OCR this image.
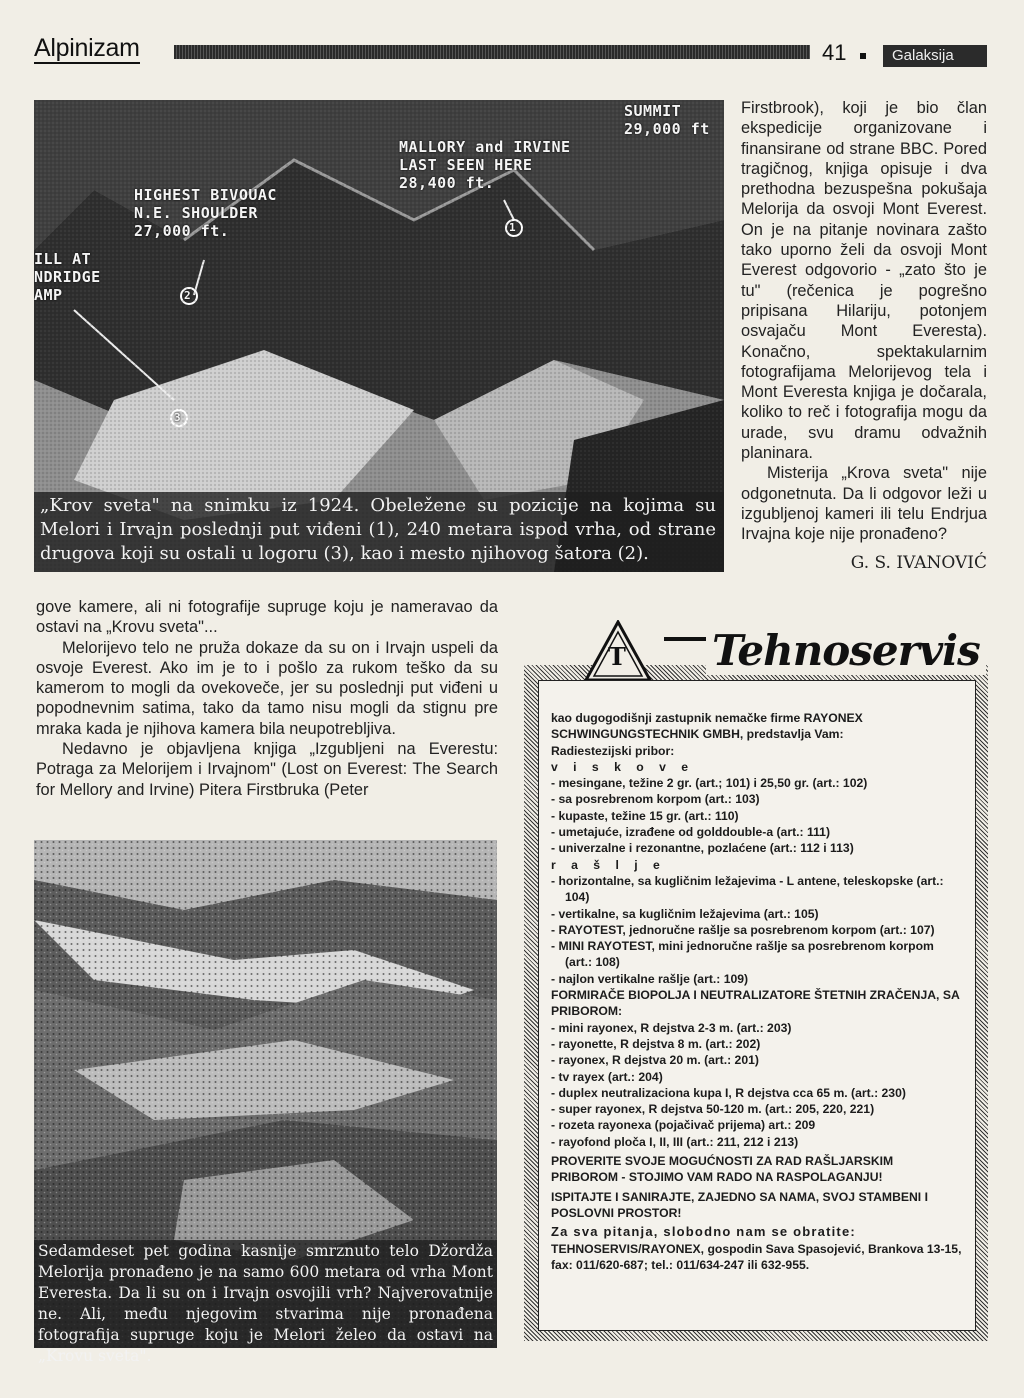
Alpinizam	41	Galaksija
SUMMIT
29,000 ft
MALLORY and IRVINE
LAST SEEN HERE
28,400 ft.
HIGHEST BIVOUAC
N.E. SHOULDER
27,000 ft.
ILL AT
NDRIDGE
AMP	2
1
3
„Krov sveta" na snimku iz 1924. Obeležene su pozicije na kojima su Melori i Irvajn poslednji put viđeni (1), 240 metara ispod vrha, od strane drugova koji su ostali u logoru (3), kao i mesto njihovog šatora (2).

Firstbrook), koji je bio član ekspedicije organizovane i finansirane od strane BBC. Pored tragičnog, knjiga opisuje i dva prethodna bezuspešna pokušaja Melorija da osvoji Mont Everest. On je na pitanje novinara zašto tako uporno želi da osvoji Mont Everest odgovorio - „zato što je tu" (rečenica je pogrešno pripisana Hilariju, potonjem osvajaču Mont Everesta). Konačno, spektakularnim fotografijama Melorijevog tela i Mont Everesta knjiga je dočarala, koliko to reč i fotografija mogu da urade, svu dramu odvažnih planinara.

Misterija „Krova sveta" nije odgonetnuta. Da li odgovor leži u izgubljenoj kameri ili telu Endrjua Irvajna koje nije pronađeno?

G. S. IVANOVIĆ

gove kamere, ali ni fotografije supruge koju je nameravao da ostavi na „Krovu sveta"...

Melorijevo telo ne pruža dokaze da su on i Irvajn uspeli da osvoje Everest. Ako im je to i pošlo za rukom teško da su kamerom to mogli da ovekoveče, jer su poslednji put viđeni u popodnevnim satima, tako da tamo nisu mogli da stignu pre mraka kada je njihova kamera bila neupotrebljiva.

Nedavno je objavljena knjiga „Izgubljeni na Everestu: Potraga za Melorijem i Irvajnom" (Lost on Everest: The Search for Mellory and Irvine) Pitera Firstbruka (Peter

Sedamdeset pet godina kasnije smrznuto telo Džordža Melorija pronađeno je na samo 600 metara od vrha Mont Everesta. Da li su on i Irvajn osvojili vrh? Najverovatnije ne. Ali, među njegovim stvarima nije pronađena fotografija supruge koju je Melori želeo da ostavi na „Krovu sveta".
T Tehnoservis

kao dugogodišnji zastupnik nemačke firme RAYONEX SCHWINGUNGSTECHNIK GMBH, predstavlja Vam:

Radiestezijski pribor:

v i s k o v e

- mesingane, težine 2 gr. (art.; 101) i 25,50 gr. (art.: 102)

- sa posrebrenom korpom (art.: 103)

- kupaste, težine 15 gr. (art.: 110)

- umetajuće, izrađene od golddouble-a (art.: 111)

- univerzalne i rezonantne, pozlaćene (art.: 112 i 113)

r a š l j e

- horizontalne, sa kugličnim ležajevima - L antene, teleskopske (art.: 104)

- vertikalne, sa kugličnim ležajevima (art.: 105)

- RAYOTEST, jednoručne rašlje sa posrebrenom korpom (art.: 107)

- MINI RAYOTEST, mini jednoručne rašlje sa posrebrenom korpom (art.: 108)

- najlon vertikalne rašlje (art.: 109)

FORMIRAČE BIOPOLJA I NEUTRALIZATORE ŠTETNIH ZRAČENJA, SA PRIBOROM:

- mini rayonex, R dejstva 2-3 m. (art.: 203)

- rayonette, R dejstva 8 m. (art.: 202)

- rayonex, R dejstva 20 m. (art.: 201)

- tv rayex (art.: 204)

- duplex neutralizaciona kupa I, R dejstva cca 65 m. (art.: 230)

- super rayonex, R dejstva 50-120 m. (art.: 205, 220, 221)

- rozeta rayonexa (pojačivač prijema) art.: 209

- rayofond ploča I, II, III (art.: 211, 212 i 213)

PROVERITE SVOJE MOGUĆNOSTI ZA RAD RAŠLJARSKIM PRIBOROM - STOJIMO VAM RADO NA RASPOLAGANJU!

ISPITAJTE I SANIRAJTE, ZAJEDNO SA NAMA, SVOJ STAMBENI I POSLOVNI PROSTOR!

Za sva pitanja, slobodno nam se obratite:

TEHNOSERVIS/RAYONEX, gospodin Sava Spasojević, Brankova 13-15, fax: 011/620-687; tel.: 011/634-247 ili 632-955.
